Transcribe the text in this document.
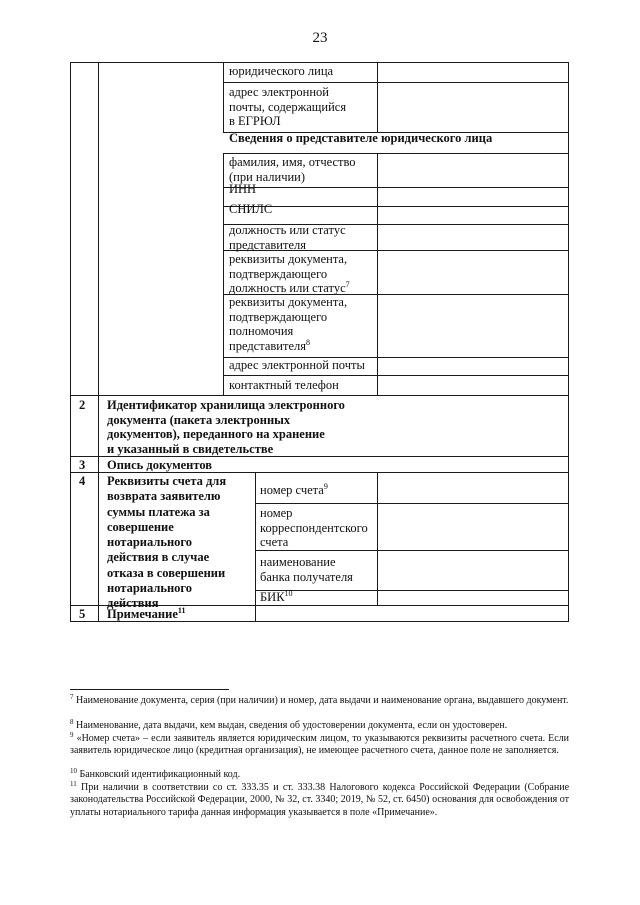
23
юридического лица
адрес электронной
почты, содержащийся
в ЕГРЮЛ
Сведения о представителе юридического лица
фамилия, имя, отчество
(при наличии)
ИНН
СНИЛС
должность или статус
представителя
реквизиты документа,
подтверждающего
должность или статус$^7$
реквизиты документа,
подтверждающего
полномочия
представителя$^8$
адрес электронной почты
контактный телефон
2 Идентификатор хранилища электронного
документа (пакета электронных
документов), переданного на хранение
и указанный в свидетельстве
3 Опись документов
4 Реквизиты счета для
возврата заявителю
суммы платежа за
совершение
нотариального
действия в случае
отказа в совершении
нотариального
действия
номер счета$^9$
номер
корреспондентского
счета
наименование
банка получателя
БИК$^{10}$
5 Примечание$^{11}$
$^7$ Наименование документа, серия (при наличии) и номер, дата выдачи и наименование органа, выдавшего документ.
$^8$ Наименование, дата выдачи, кем выдан, сведения об удостоверении документа, если он удостоверен.
$^9$ «Номер счета» – если заявитель является юридическим лицом, то указываются реквизиты расчетного счета. Если заявитель юридическое лицо (кредитная организация), не имеющее расчетного счета, данное поле не заполняется.
$^{10}$ Банковский идентификационный код.
$^{11}$ При наличии в соответствии со ст. 333.35 и ст. 333.38 Налогового кодекса Российской Федерации (Собрание законодательства Российской Федерации, 2000, № 32, ст. 3340; 2019, № 52, ст. 6450) основания для освобождения от уплаты нотариального тарифа данная информация указывается в поле «Примечание».
